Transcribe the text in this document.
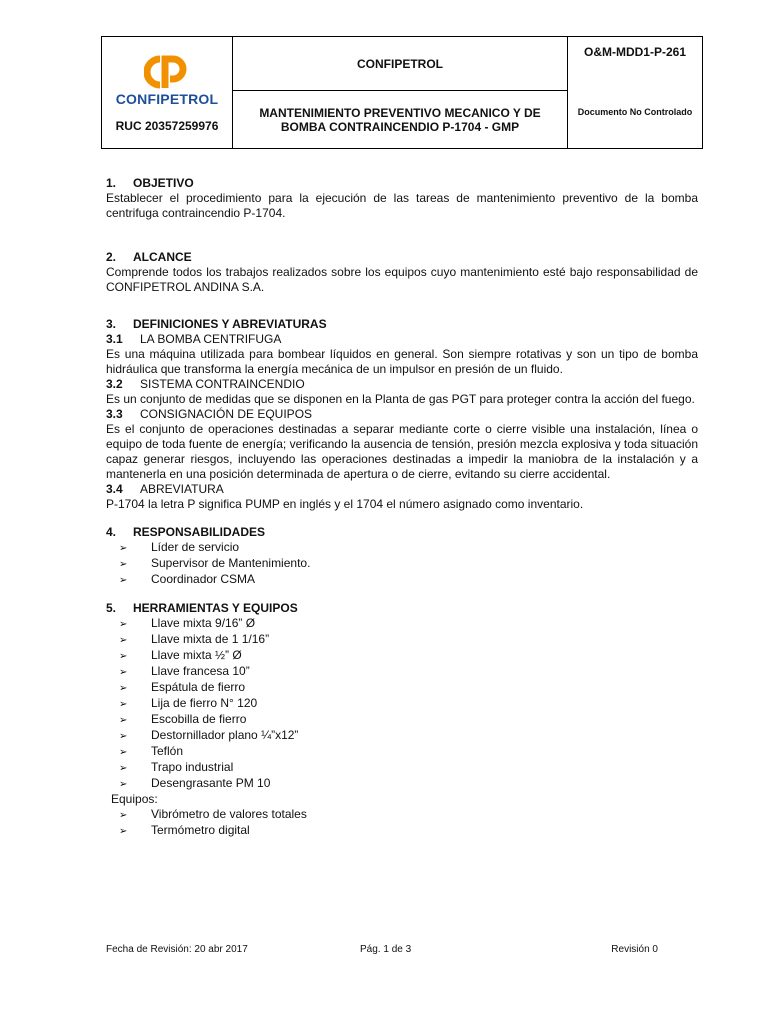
CONFIPETROL
RUC 20357259976
	CONFIPETROL	
O&M-MDD1-P-261
Documento No Controlado

MANTENIMIENTO PREVENTIVO MECANICO Y DE
BOMBA CONTRAINCENDIO P-1704 - GMP
1. OBJETIVO

Establecer el procedimiento para la ejecución de las tareas de mantenimiento preventivo de la bomba centrifuga contraincendio P-1704.

2. ALCANCE

Comprende todos los trabajos realizados sobre los equipos cuyo mantenimiento esté bajo responsabilidad de CONFIPETROL ANDINA S.A.

3. DEFINICIONES Y ABREVIATURAS
3.1 LA BOMBA CENTRIFUGA

Es una máquina utilizada para bombear líquidos en general. Son siempre rotativas y son un tipo de bomba hidráulica que transforma la energía mecánica de un impulsor en presión de un fluido.

3.2 SISTEMA CONTRAINCENDIO

Es un conjunto de medidas que se disponen en la Planta de gas PGT para proteger contra la acción del fuego.

3.3 CONSIGNACIÓN DE EQUIPOS

Es el conjunto de operaciones destinadas a separar mediante corte o cierre visible una instalación, línea o equipo de toda fuente de energía; verificando la ausencia de tensión, presión mezcla explosiva y toda situación capaz generar riesgos, incluyendo las operaciones destinadas a impedir la maniobra de la instalación y a mantenerla en una posición determinada de apertura o de cierre, evitando su cierre accidental.

3.4 ABREVIATURA

P-1704 la letra P significa PUMP en inglés y el 1704 el número asignado como inventario.

4. RESPONSABILIDADES
➢ Líder de servicio
➢ Supervisor de Mantenimiento.
➢ Coordinador CSMA
5. HERRAMIENTAS Y EQUIPOS
➢ Llave mixta 9/16” Ø
➢ Llave mixta de 1 1/16”
➢ Llave mixta ½” Ø
➢ Llave francesa 10”
➢ Espátula de fierro
➢ Lija de fierro N° 120
➢ Escobilla de fierro
➢ Destornillador plano ¼”x12”
➢ Teflón
➢ Trapo industrial
➢ Desengrasante PM 10
Equipos:
➢ Vibrómetro de valores totales
➢ Termómetro digital
Fecha de Revisión: 20 abr 2017	Pág. 1 de 3	Revisión 0
